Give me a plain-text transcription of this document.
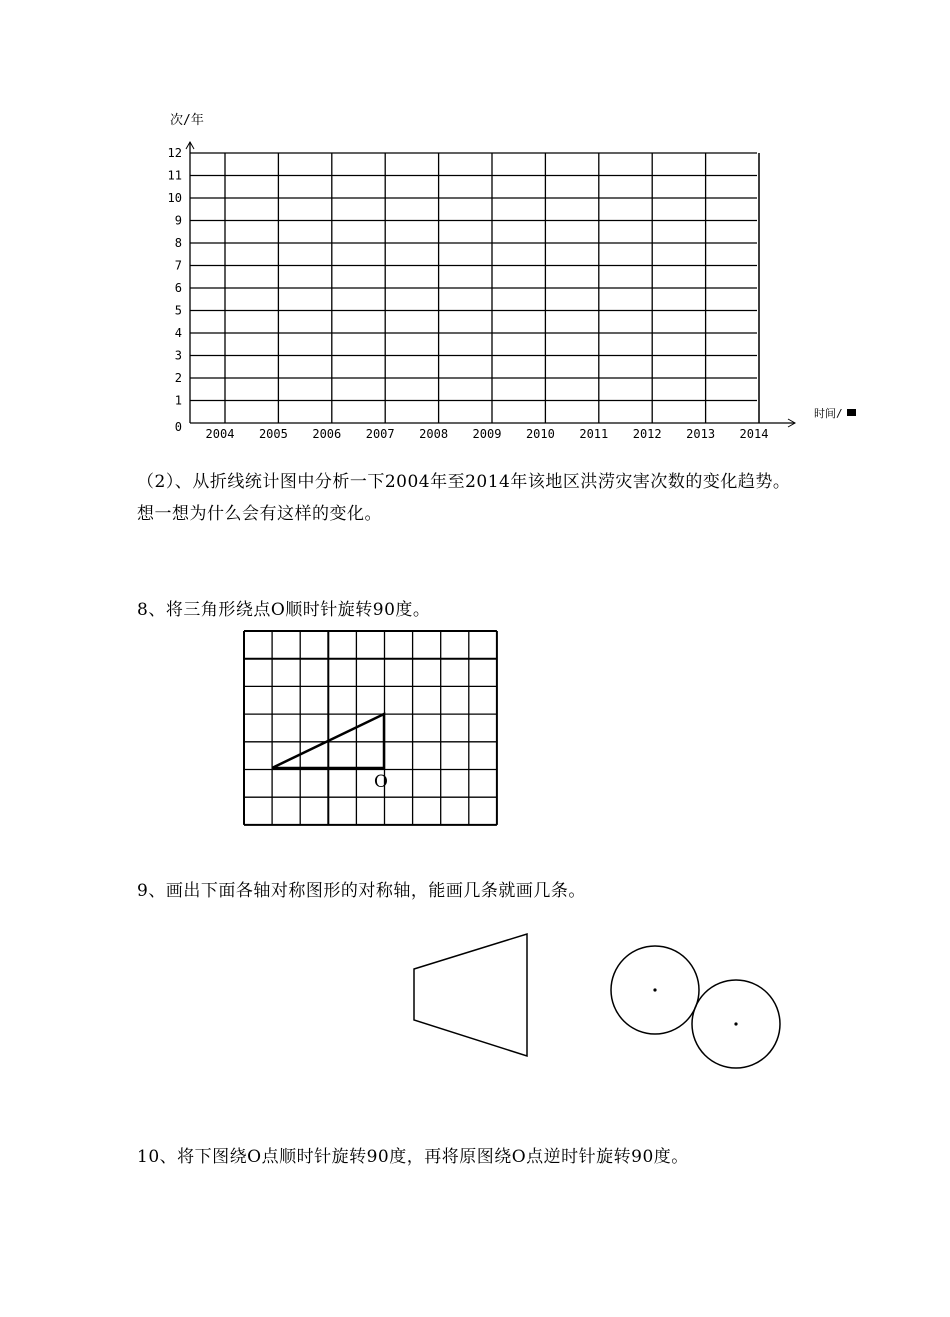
次/年
0
1
2
3
4
5
6
7
8
9
10
11
12
2004 2005 2006 2007 2008 2009 2010 2011 2012 2013 2014
时间/
（2）、从折线统计图中分析一下2004年至2014年该地区洪涝灾害次数的变化趋势。
想一想为什么会有这样的变化。
8、将三角形绕点O顺时针旋转90度。
O
9、画出下面各轴对称图形的对称轴，能画几条就画几条。
10、将下图绕O点顺时针旋转90度，再将原图绕O点逆时针旋转90度。
